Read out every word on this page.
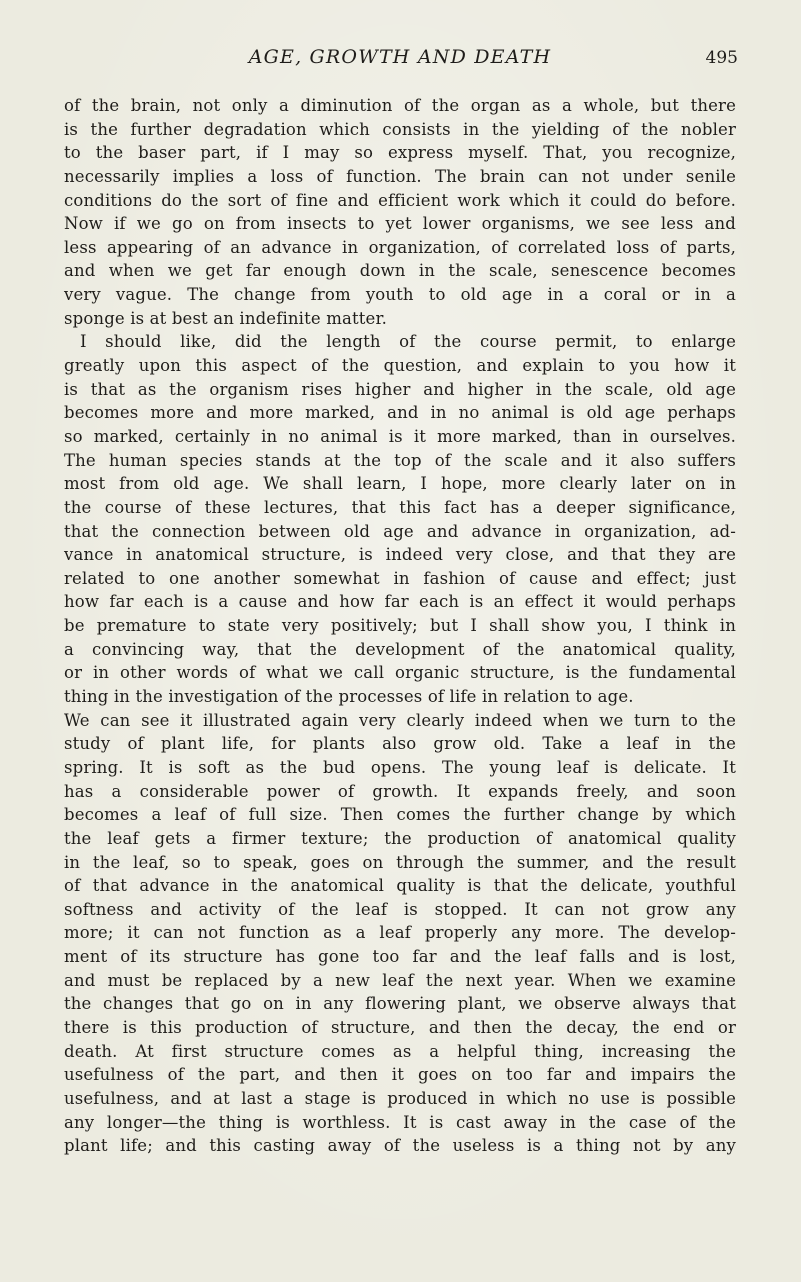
AGE, GROWTH AND DEATH	495
of the brain, not only a diminution of the organ as a whole, but there
is the further degradation which consists in the yielding of the nobler
to the baser part, if I may so express myself. That, you recognize,
necessarily implies a loss of function. The brain can not under senile
conditions do the sort of fine and efficient work which it could do before.
Now if we go on from insects to yet lower organisms, we see less and
less appearing of an advance in organization, of correlated loss of parts,
and when we get far enough down in the scale, senescence becomes
very vague. The change from youth to old age in a coral or in a
sponge is at best an indefinite matter.
I should like, did the length of the course permit, to enlarge
greatly upon this aspect of the question, and explain to you how it
is that as the organism rises higher and higher in the scale, old age
becomes more and more marked, and in no animal is old age perhaps
so marked, certainly in no animal is it more marked, than in ourselves.
The human species stands at the top of the scale and it also suffers
most from old age. We shall learn, I hope, more clearly later on in
the course of these lectures, that this fact has a deeper significance,
that the connection between old age and advance in organization, ad-
vance in anatomical structure, is indeed very close, and that they are
related to one another somewhat in fashion of cause and effect; just
how far each is a cause and how far each is an effect it would perhaps
be premature to state very positively; but I shall show you, I think in
a convincing way, that the development of the anatomical quality,
or in other words of what we call organic structure, is the fundamental
thing in the investigation of the processes of life in relation to age.
We can see it illustrated again very clearly indeed when we turn to the
study of plant life, for plants also grow old. Take a leaf in the
spring. It is soft as the bud opens. The young leaf is delicate. It
has a considerable power of growth. It expands freely, and soon
becomes a leaf of full size. Then comes the further change by which
the leaf gets a firmer texture; the production of anatomical quality
in the leaf, so to speak, goes on through the summer, and the result
of that advance in the anatomical quality is that the delicate, youthful
softness and activity of the leaf is stopped. It can not grow any
more; it can not function as a leaf properly any more. The develop-
ment of its structure has gone too far and the leaf falls and is lost,
and must be replaced by a new leaf the next year. When we examine
the changes that go on in any flowering plant, we observe always that
there is this production of structure, and then the decay, the end or
death. At first structure comes as a helpful thing, increasing the
usefulness of the part, and then it goes on too far and impairs the
usefulness, and at last a stage is produced in which no use is possible
any longer—the thing is worthless. It is cast away in the case of the
plant life; and this casting away of the useless is a thing not by any
